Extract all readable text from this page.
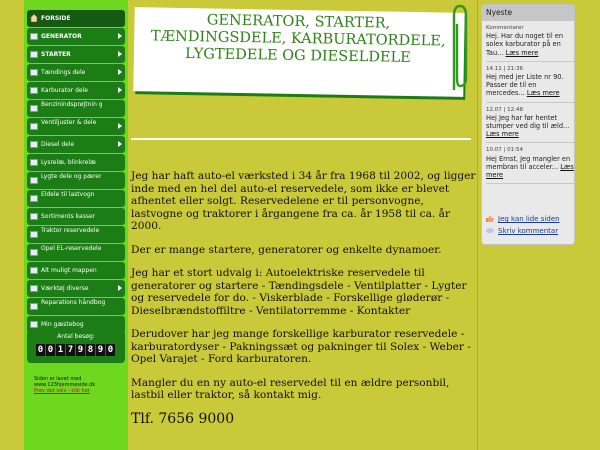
FORSIDE
GENERATOR
STARTER
Tændings dele
Karburator dele
Benzinindsprøjtnin g
Ventiljuster & dele
Diesel dele
Lysrelæ, blinkrelæ
Lygte dele og pærer
Eldele til lastvogn
Sortiments kasser
Traktor reservedele
Opel EL-reservedele
Alt muligt mappen
Værktøj diverse
Reparations håndbog
Min gæstebog
Antal besøg:
0 0 1 7 9 8 9 0
Siden er lavet med
www.123hjemmeside.dk
Prøv det selv - klik her
GENERATOR, STARTER, TÆNDINGSDELE, KARBURATORDELE, LYGTEDELE OG DIESELDELE

Jeg har haft auto-el værksted i 34 år fra 1968 til 2002, og ligger inde med en hel del auto-el reservedele, som ikke er blevet afhentet eller solgt. Reservedelene er til personvogne, lastvogne og traktorer i årgangene fra ca. år 1958 til ca. år 2000.

Der er mange startere, generatorer og enkelte dynamoer.

Jeg har et stort udvalg i: Autoelektriske reservedele til generatorer og startere - Tændingsdele - Ventilplatter - Lygter og reservedele for do. - Viskerblade - Forskellige gløderør - Dieselbrændstoffiltre - Ventilatorremme - Kontakter

Derudover har jeg mange forskellige karburator reservedele - karburatordyser - Pakningssæt og pakninger til Solex - Weber - Opel Varajet - Ford karburatoren.

Mangler du en ny auto-el reservedel til en ældre personbil, lastbil eller traktor, så kontakt mig.

Tlf. 7656 9000

Nyeste
Kommentarer
Hej. Har du noget til en solex karburator på en Tau... Læs mere
14.11 | 21:36
Hej med jer Liste nr 90. Passer de til en mercedes... Læs mere
12.07 | 12:48
Hej Jeg har før hentet stumper ved dig til æld... Læs mere
10.07 | 01:54
Hej Ernst, Jeg mangler en membran til acceler... Læs mere
Jeg kan lide siden
Skriv kommentar
